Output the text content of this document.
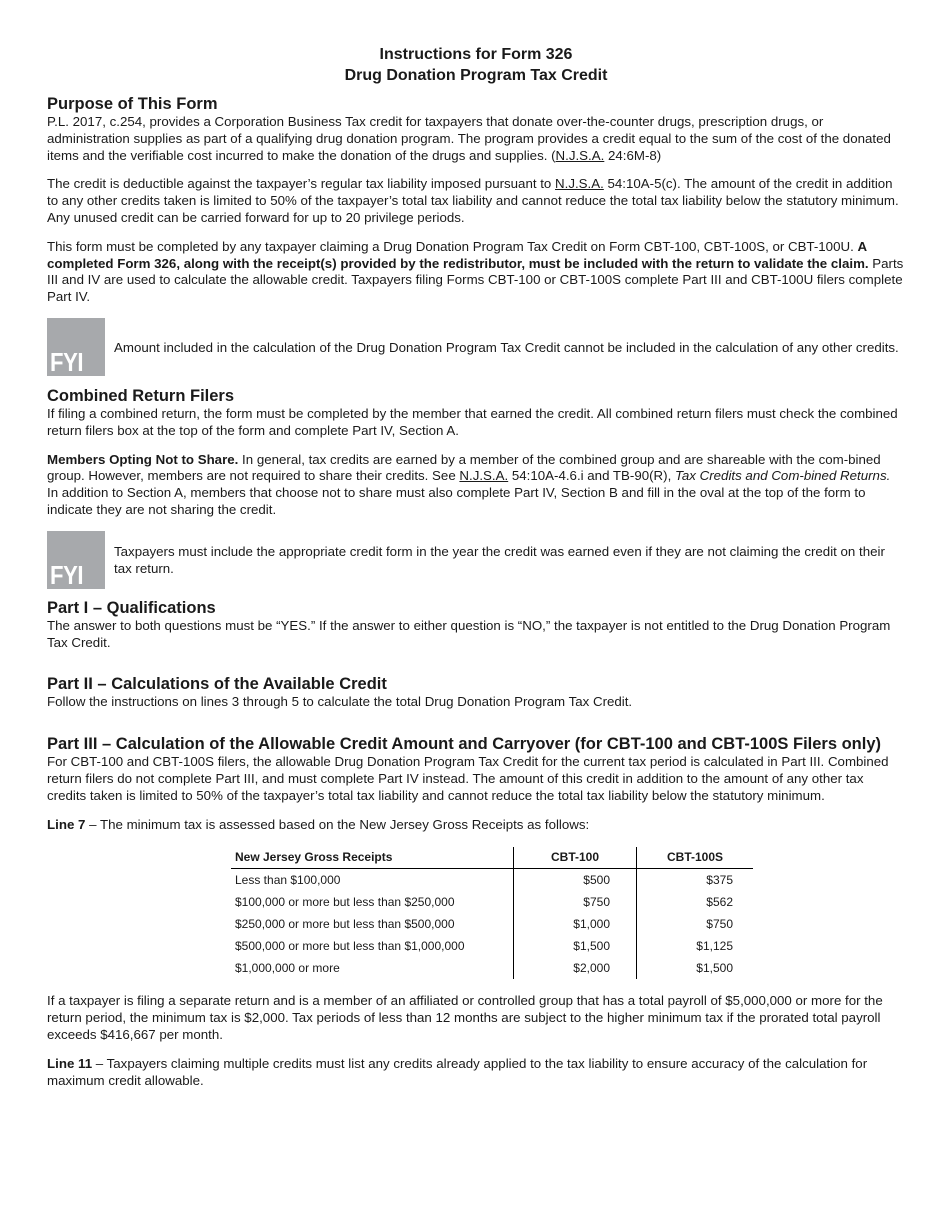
Instructions for Form 326
Drug Donation Program Tax Credit
Purpose of This Form

P.L. 2017, c.254, provides a Corporation Business Tax credit for taxpayers that donate over-the-counter drugs, prescription drugs, or administration supplies as part of a qualifying drug donation program. The program provides a credit equal to the sum of the cost of the donated items and the verifiable cost incurred to make the donation of the drugs and supplies. (N.J.S.A. 24:6M-8)

The credit is deductible against the taxpayer’s regular tax liability imposed pursuant to N.J.S.A. 54:10A-5(c). The amount of the credit in addition to any other credits taken is limited to 50% of the taxpayer’s total tax liability and cannot reduce the total tax liability below the statutory minimum. Any unused credit can be carried forward for up to 20 privilege periods.

This form must be completed by any taxpayer claiming a Drug Donation Program Tax Credit on Form CBT-100, CBT-100S, or CBT-100U. A completed Form 326, along with the receipt(s) provided by the redistributor, must be included with the return to validate the claim. Parts III and IV are used to calculate the allowable credit. Taxpayers filing Forms CBT-100 or CBT-100S complete Part III and CBT-100U filers complete Part IV.

FYI Amount included in the calculation of the Drug Donation Program Tax Credit cannot be included in the calculation of any other credits.
Combined Return Filers

If filing a combined return, the form must be completed by the member that earned the credit. All combined return filers must check the combined return filers box at the top of the form and complete Part IV, Section A.

Members Opting Not to Share. In general, tax credits are earned by a member of the combined group and are shareable with the com-bined group. However, members are not required to share their credits. See N.J.S.A. 54:10A-4.6.i and TB-90(R), Tax Credits and Com-bined Returns. In addition to Section A, members that choose not to share must also complete Part IV, Section B and fill in the oval at the top of the form to indicate they are not sharing the credit.

FYI
Taxpayers must include the appropriate credit form in the year the credit was earned even if they are not claiming the credit on their tax return.
Part I – Qualifications

The answer to both questions must be “YES.” If the answer to either question is “NO,” the taxpayer is not entitled to the Drug Donation Program Tax Credit.

Part II – Calculations of the Available Credit

Follow the instructions on lines 3 through 5 to calculate the total Drug Donation Program Tax Credit.

Part III – Calculation of the Allowable Credit Amount and Carryover (for CBT-100 and CBT-100S Filers only)

For CBT-100 and CBT-100S filers, the allowable Drug Donation Program Tax Credit for the current tax period is calculated in Part III. Combined return filers do not complete Part III, and must complete Part IV instead. The amount of this credit in addition to the amount of any other tax credits taken is limited to 50% of the taxpayer’s total tax liability and cannot reduce the total tax liability below the statutory minimum.

Line 7 – The minimum tax is assessed based on the New Jersey Gross Receipts as follows:

New Jersey Gross Receipts	CBT-100	CBT-100S
Less than $100,000	$500	$375
$100,000 or more but less than $250,000	$750	$562
$250,000 or more but less than $500,000	$1,000	$750
$500,000 or more but less than $1,000,000	$1,500	$1,125
$1,000,000 or more	$2,000	$1,500

If a taxpayer is filing a separate return and is a member of an affiliated or controlled group that has a total payroll of $5,000,000 or more for the return period, the minimum tax is $2,000. Tax periods of less than 12 months are subject to the higher minimum tax if the prorated total payroll exceeds $416,667 per month.

Line 11 – Taxpayers claiming multiple credits must list any credits already applied to the tax liability to ensure accuracy of the calculation for maximum credit allowable.
